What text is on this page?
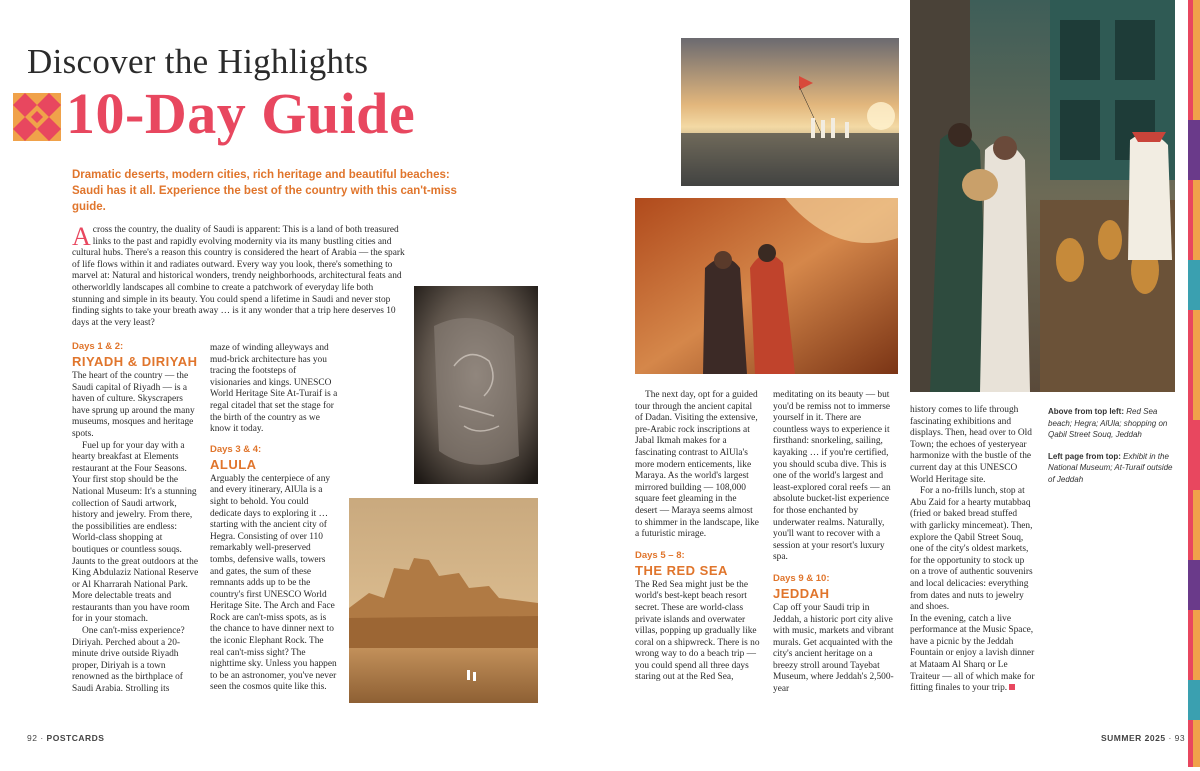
Discover the Highlights
10-Day Guide
Dramatic deserts, modern cities, rich heritage and beautiful beaches: Saudi has it all. Experience the best of the country with this can't-miss guide.
A cross the country, the duality of Saudi is apparent: This is a land of both treasured links to the past and rapidly evolving modernity via its many bustling cities and cultural hubs. There's a reason this country is considered the heart of Arabia — the spark of life flows within it and radiates outward. Every way you look, there's something to marvel at: Natural and historical wonders, trendy neighborhoods, architectural feats and otherworldly landscapes all combine to create a patchwork of everyday life both stunning and simple in its beauty. You could spend a lifetime in Saudi and never stop finding sights to take your breath away … is it any wonder that a trip here deserves 10 days at the very least?
Days 1 & 2:
RIYADH & DIRIYAH

The heart of the country — the Saudi capital of Riyadh — is a haven of culture. Skyscrapers have sprung up around the many museums, mosques and heritage spots.

Fuel up for your day with a hearty breakfast at Elements restaurant at the Four Seasons. Your first stop should be the National Museum: It's a stunning collection of Saudi artwork, history and jewelry. From there, the possibilities are endless: World-class shopping at boutiques or countless souqs. Jaunts to the great outdoors at the King Abdulaziz National Reserve or Al Kharrarah National Park. More delectable treats and restaurants than you have room for in your stomach.

One can't-miss experience? Diriyah. Perched about a 20-minute drive outside Riyadh proper, Diriyah is a town renowned as the birthplace of Saudi Arabia. Strolling its

maze of winding alleyways and mud-brick architecture has you tracing the footsteps of visionaries and kings. UNESCO World Heritage Site At-Turaif is a regal citadel that set the stage for the birth of the country as we know it today.

Days 3 & 4:
ALULA

Arguably the centerpiece of any and every itinerary, AlUla is a sight to behold. You could dedicate days to exploring it … starting with the ancient city of Hegra. Consisting of over 110 remarkably well-preserved tombs, defensive walls, towers and gates, the sum of these remnants adds up to be the country's first UNESCO World Heritage Site. The Arch and Face Rock are can't-miss spots, as is the chance to have dinner next to the iconic Elephant Rock. The real can't-miss sight? The nighttime sky. Unless you happen to be an astronomer, you've never seen the cosmos quite like this.

The next day, opt for a guided tour through the ancient capital of Dadan. Visiting the extensive, pre-Arabic rock inscriptions at Jabal Ikmah makes for a fascinating contrast to AlUla's more modern enticements, like Maraya. As the world's largest mirrored building — 108,000 square feet gleaming in the desert — Maraya seems almost to shimmer in the landscape, like a futuristic mirage.

Days 5 – 8:
THE RED SEA

The Red Sea might just be the world's best-kept beach resort secret. These are world-class private islands and overwater villas, popping up gradually like coral on a shipwreck. There is no wrong way to do a beach trip — you could spend all three days staring out at the Red Sea,

meditating on its beauty — but you'd be remiss not to immerse yourself in it. There are countless ways to experience it firsthand: snorkeling, sailing, kayaking … if you're certified, you should scuba dive. This is one of the world's largest and least-explored coral reefs — an absolute bucket-list experience for those enchanted by underwater realms. Naturally, you'll want to recover with a session at your resort's luxury spa.

Days 9 & 10:
JEDDAH

Cap off your Saudi trip in Jeddah, a historic port city alive with music, markets and vibrant murals. Get acquainted with the city's ancient heritage on a breezy stroll around Tayebat Museum, where Jeddah's 2,500-year

history comes to life through fascinating exhibitions and displays. Then, head over to Old Town; the echoes of yesteryear harmonize with the bustle of the current day at this UNESCO World Heritage site.

For a no-frills lunch, stop at Abu Zaid for a hearty mutabbaq (fried or baked bread stuffed with garlicky mincemeat). Then, explore the Qabil Street Souq, one of the city's oldest markets, for the opportunity to stock up on a trove of authentic souvenirs and local delicacies: everything from dates and nuts to jewelry and shoes.

In the evening, catch a live performance at the Music Space, have a picnic by the Jeddah Fountain or enjoy a lavish dinner at Mataam Al Sharq or Le Traiteur — all of which make for fitting finales to your trip.

Above from top left: Red Sea beach; Hegra; AlUla; shopping on Qabil Street Souq, Jeddah
Left page from top: Exhibit in the National Museum; At-Turaif outside of Jeddah
92 · POSTCARDS	SUMMER 2025 · 93
